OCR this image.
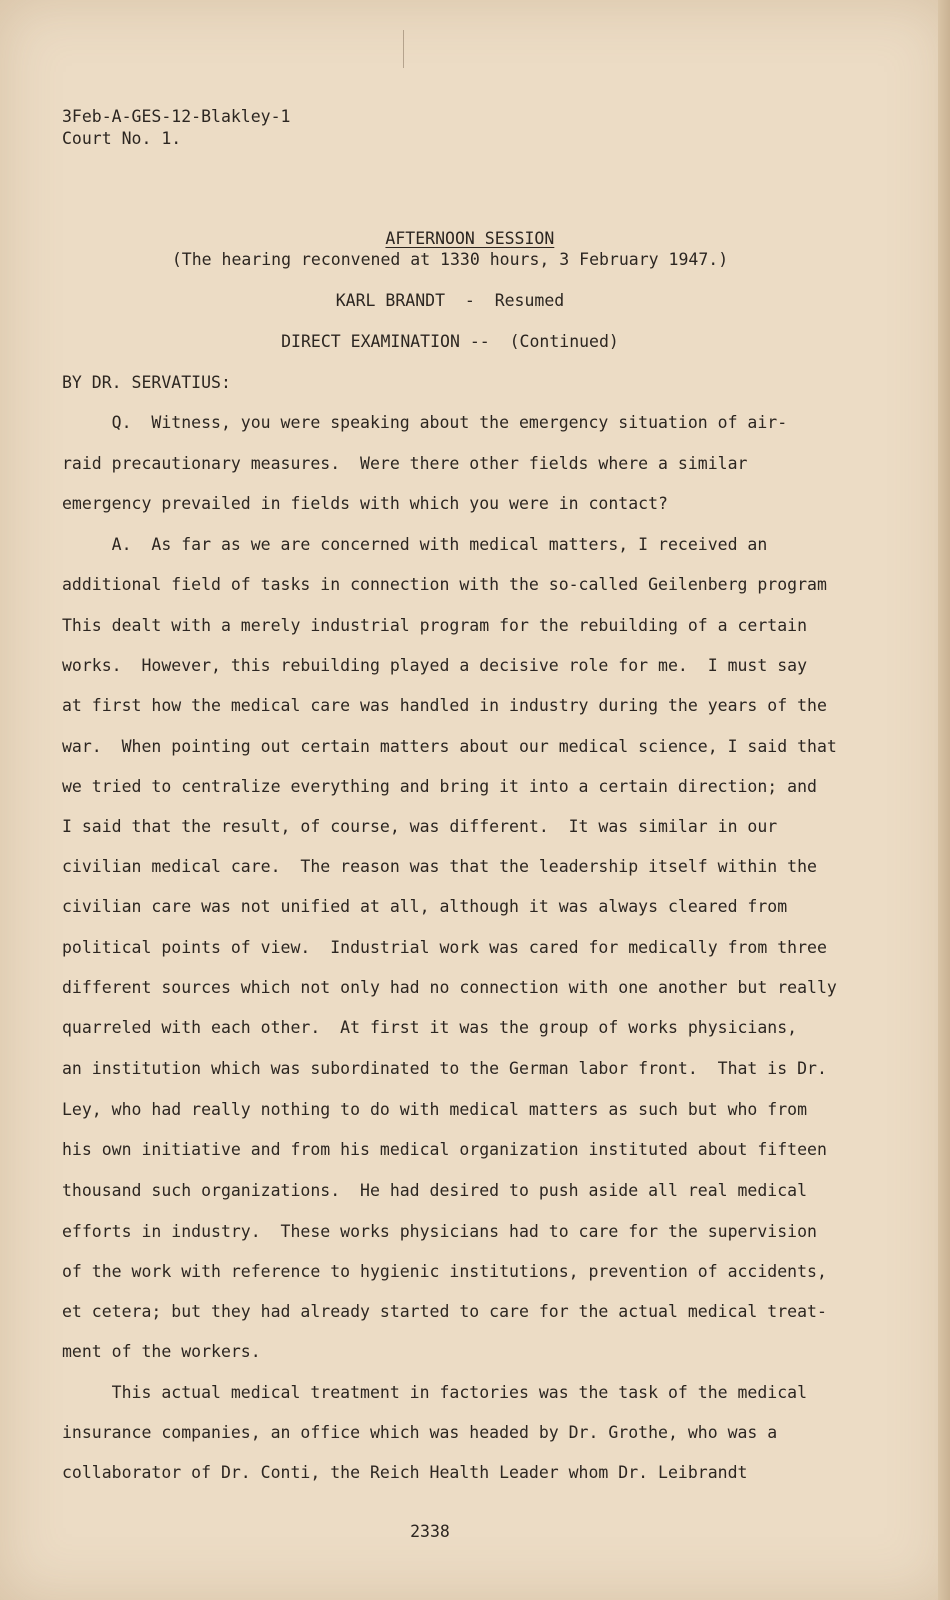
3Feb-A-GES-12-Blakley-1
Court No. 1.

AFTERNOON SESSION

(The hearing reconvened at 1330 hours, 3 February 1947.)
KARL BRANDT  -  Resumed
DIRECT EXAMINATION --  (Continued)
BY DR. SERVATIUS:
Q.  Witness, you were speaking about the emergency situation of air-
raid precautionary measures.  Were there other fields where a similar
emergency prevailed in fields with which you were in contact?
A.  As far as we are concerned with medical matters, I received an
additional field of tasks in connection with the so-called Geilenberg program
This dealt with a merely industrial program for the rebuilding of a certain
works.  However, this rebuilding played a decisive role for me.  I must say
at first how the medical care was handled in industry during the years of the
war.  When pointing out certain matters about our medical science, I said that
we tried to centralize everything and bring it into a certain direction; and
I said that the result, of course, was different.  It was similar in our
civilian medical care.  The reason was that the leadership itself within the
civilian care was not unified at all, although it was always cleared from
political points of view.  Industrial work was cared for medically from three
different sources which not only had no connection with one another but really
quarreled with each other.  At first it was the group of works physicians,
an institution which was subordinated to the German labor front.  That is Dr.
Ley, who had really nothing to do with medical matters as such but who from
his own initiative and from his medical organization instituted about fifteen
thousand such organizations.  He had desired to push aside all real medical
efforts in industry.  These works physicians had to care for the supervision
of the work with reference to hygienic institutions, prevention of accidents,
et cetera; but they had already started to care for the actual medical treat-
ment of the workers.
This actual medical treatment in factories was the task of the medical
insurance companies, an office which was headed by Dr. Grothe, who was a
collaborator of Dr. Conti, the Reich Health Leader whom Dr. Leibrandt
2338
